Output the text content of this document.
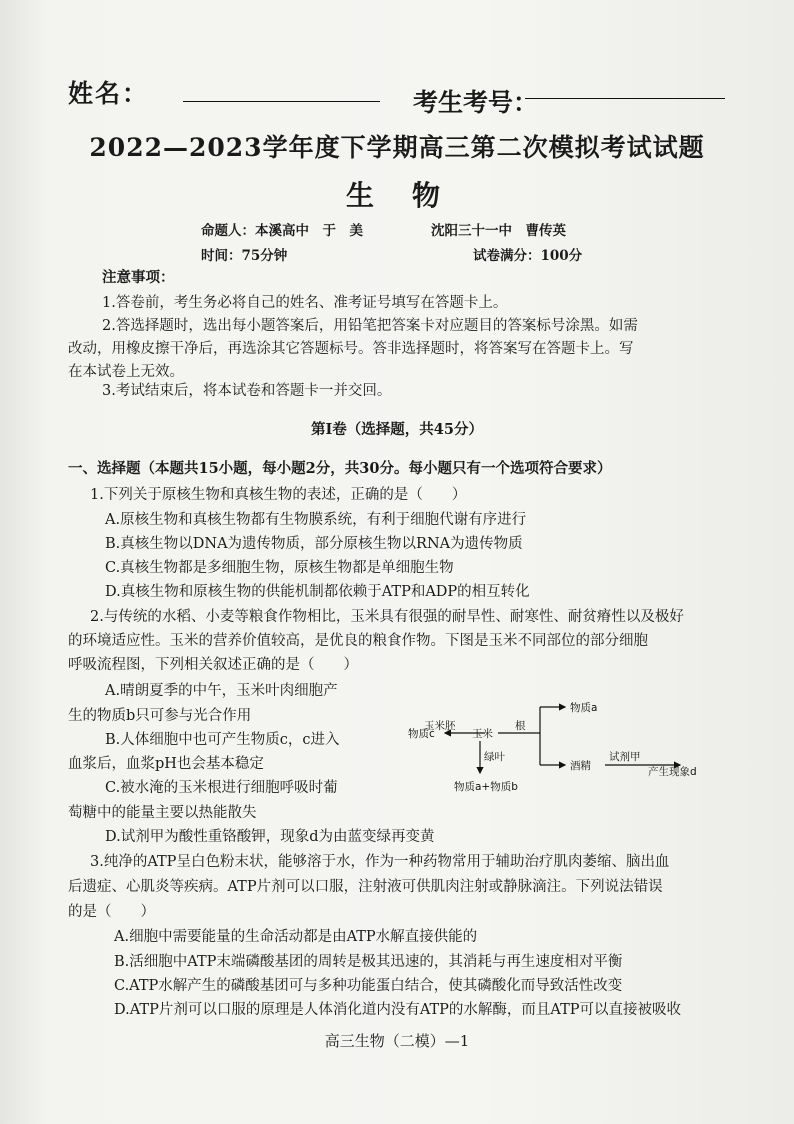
姓名：	考生考号：
2022—2023学年度下学期高三第二次模拟考试试题
生物
命题人：本溪高中　于　美	沈阳三十一中　曹传英
时间：75分钟	试卷满分：100分
注意事项：
1.答卷前，考生务必将自己的姓名、准考证号填写在答题卡上。
2.答选择题时，选出每小题答案后，用铅笔把答案卡对应题目的答案标号涂黑。如需
改动，用橡皮擦干净后，再选涂其它答题标号。答非选择题时，将答案写在答题卡上。写
在本试卷上无效。
3.考试结束后，将本试卷和答题卡一并交回。
第Ⅰ卷（选择题，共45分）
一、选择题（本题共15小题，每小题2分，共30分。每小题只有一个选项符合要求）
1.下列关于原核生物和真核生物的表述，正确的是（　　）
A.原核生物和真核生物都有生物膜系统，有利于细胞代谢有序进行
B.真核生物以DNA为遗传物质，部分原核生物以RNA为遗传物质
C.真核生物都是多细胞生物，原核生物都是单细胞生物
D.真核生物和原核生物的供能机制都依赖于ATP和ADP的相互转化
2.与传统的水稻、小麦等粮食作物相比，玉米具有很强的耐旱性、耐寒性、耐贫瘠性以及极好
的环境适应性。玉米的营养价值较高，是优良的粮食作物。下图是玉米不同部位的部分细胞
呼吸流程图，下列相关叙述正确的是（　　）
A.晴朗夏季的中午，玉米叶肉细胞产
生的物质b只可参与光合作用
B.人体细胞中也可产生物质c，c进入
血浆后，血浆pH也会基本稳定
C.被水淹的玉米根进行细胞呼吸时葡
萄糖中的能量主要以热能散失
D.试剂甲为酸性重铬酸钾，现象d为由蓝变绿再变黄
物质c
玉米胚
玉米
根
物质a
酒精
试剂甲
产生现象d
绿叶
物质a+物质b
3.纯净的ATP呈白色粉末状，能够溶于水，作为一种药物常用于辅助治疗肌肉萎缩、脑出血
后遗症、心肌炎等疾病。ATP片剂可以口服，注射液可供肌肉注射或静脉滴注。下列说法错误
的是（　　）
A.细胞中需要能量的生命活动都是由ATP水解直接供能的
B.活细胞中ATP末端磷酸基团的周转是极其迅速的，其消耗与再生速度相对平衡
C.ATP水解产生的磷酸基团可与多种功能蛋白结合，使其磷酸化而导致活性改变
D.ATP片剂可以口服的原理是人体消化道内没有ATP的水解酶，而且ATP可以直接被吸收
高三生物（二模）—1
